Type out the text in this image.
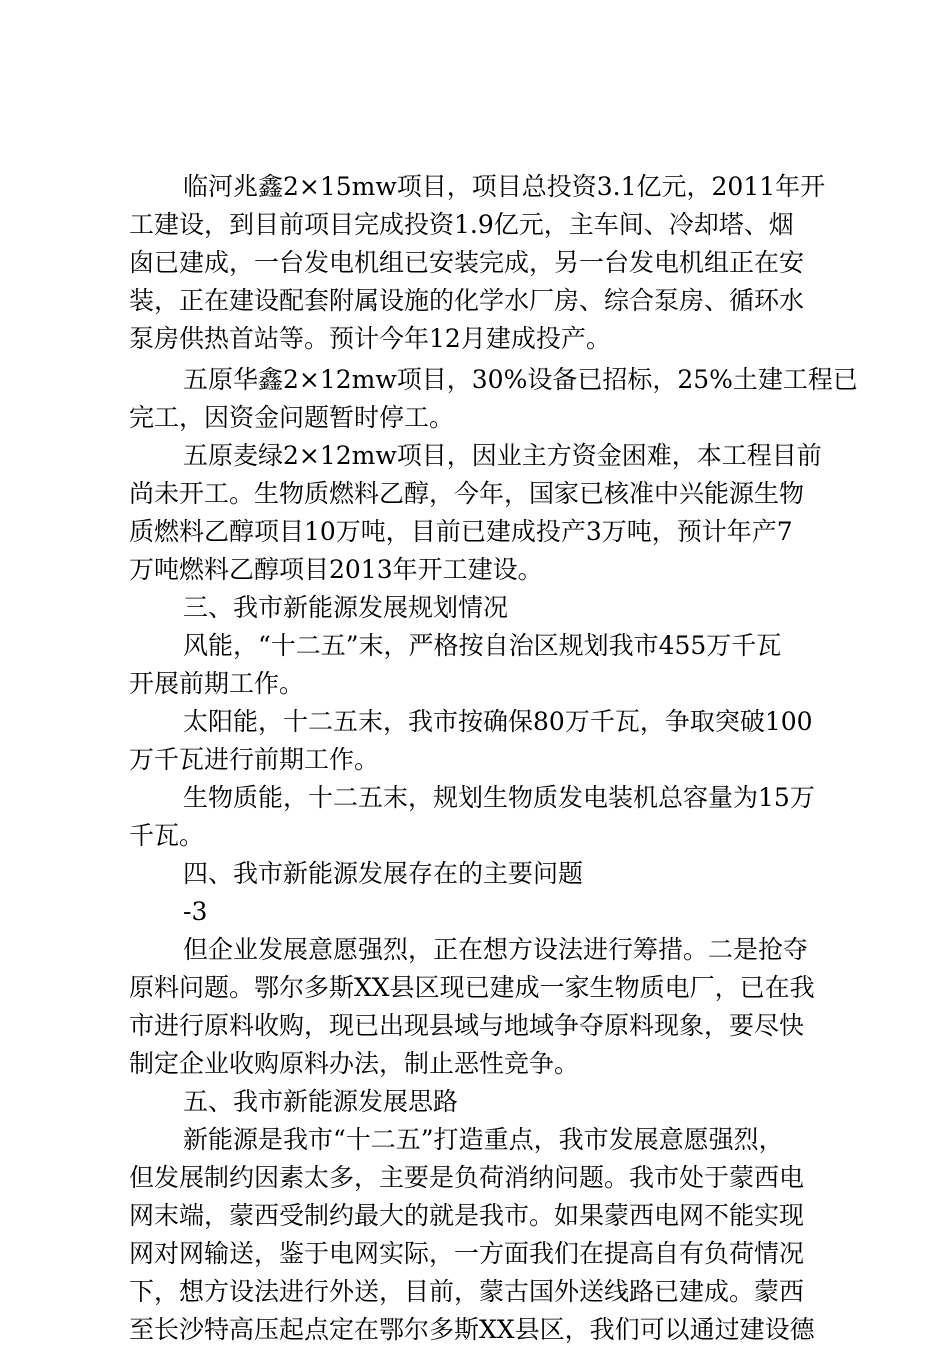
临河兆鑫2×15mw项目，项目总投资3.1亿元，2011年开
工建设，到目前项目完成投资1.9亿元，主车间、冷却塔、烟
囱已建成，一台发电机组已安装完成，另一台发电机组正在安
装，正在建设配套附属设施的化学水厂房、综合泵房、循环水
泵房供热首站等。预计今年12月建成投产。
五原华鑫2×12mw项目，30%设备已招标，25%土建工程已
完工，因资金问题暂时停工。
五原麦绿2×12mw项目，因业主方资金困难，本工程目前
尚未开工。生物质燃料乙醇，今年，国家已核准中兴能源生物
质燃料乙醇项目10万吨，目前已建成投产3万吨，预计年产7
万吨燃料乙醇项目2013年开工建设。
三、我市新能源发展规划情况
风能，“十二五”末，严格按自治区规划我市455万千瓦
开展前期工作。
太阳能，十二五末，我市按确保80万千瓦，争取突破100
万千瓦进行前期工作。
生物质能，十二五末，规划生物质发电装机总容量为15万
千瓦。
四、我市新能源发展存在的主要问题
-3
但企业发展意愿强烈，正在想方设法进行筹措。二是抢夺
原料问题。鄂尔多斯XX县区现已建成一家生物质电厂，已在我
市进行原料收购，现已出现县域与地域争夺原料现象，要尽快
制定企业收购原料办法，制止恶性竞争。
五、我市新能源发展思路
新能源是我市“十二五”打造重点，我市发展意愿强烈，
但发展制约因素太多，主要是负荷消纳问题。我市处于蒙西电
网末端，蒙西受制约最大的就是我市。如果蒙西电网不能实现
网对网输送，鉴于电网实际，一方面我们在提高自有负荷情况
下，想方设法进行外送，目前，蒙古国外送线路已建成。蒙西
至长沙特高压起点定在鄂尔多斯XX县区，我们可以通过建设德
